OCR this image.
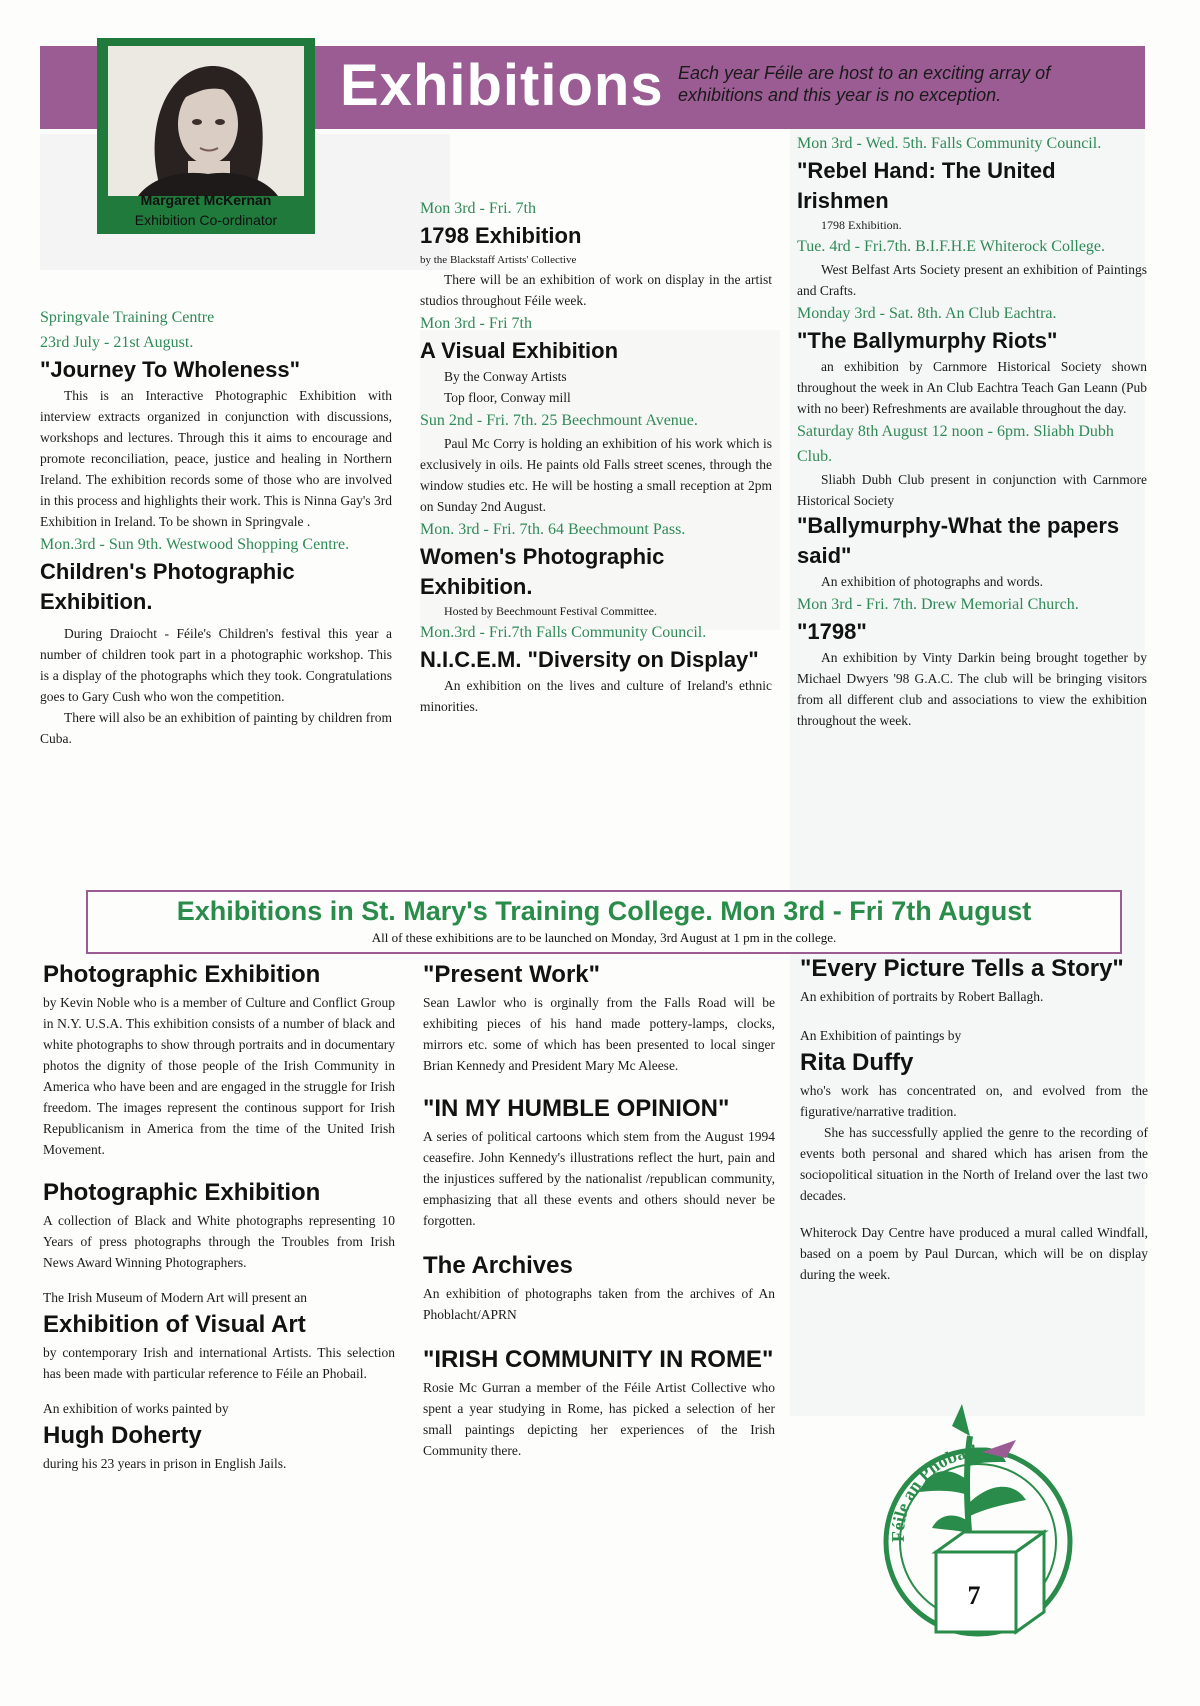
Exhibitions Each year Féile are host to an exciting array of exhibitions and this year is no exception.
Margaret McKernan
Exhibition Co-ordinator
Springvale Training Centre
23rd July - 21st August.
"Journey To Wholeness"

This is an Interactive Photographic Exhibition with interview extracts organized in conjunction with discussions, workshops and lectures. Through this it aims to encourage and promote reconciliation, peace, justice and healing in Northern Ireland. The exhibition records some of those who are involved in this process and highlights their work. This is Ninna Gay's 3rd Exhibition in Ireland. To be shown in Springvale .

Mon.3rd - Sun 9th. Westwood Shopping Centre.
Children's Photographic Exhibition.

During Draiocht - Féile's Children's festival this year a number of children took part in a photographic workshop. This is a display of the photographs which they took. Congratulations goes to Gary Cush who won the competition.

There will also be an exhibition of painting by children from Cuba.

Mon 3rd - Fri. 7th
1798 Exhibition
by the Blackstaff Artists' Collective

There will be an exhibition of work on display in the artist studios throughout Féile week.

Mon 3rd - Fri 7th
A Visual Exhibition

By the Conway Artists

Top floor, Conway mill

Sun 2nd - Fri. 7th. 25 Beechmount Avenue.

Paul Mc Corry is holding an exhibition of his work which is exclusively in oils. He paints old Falls street scenes, through the window studies etc. He will be hosting a small reception at 2pm on Sunday 2nd August.

Mon. 3rd - Fri. 7th. 64 Beechmount Pass.
Women's Photographic Exhibition.

Hosted by Beechmount Festival Committee.

Mon.3rd - Fri.7th Falls Community Council.
N.I.C.E.M. "Diversity on Display"

An exhibition on the lives and culture of Ireland's ethnic minorities.

Mon 3rd - Wed. 5th. Falls Community Council.
"Rebel Hand: The United Irishmen

1798 Exhibition.

Tue. 4rd - Fri.7th. B.I.F.H.E Whiterock College.

West Belfast Arts Society present an exhibition of Paintings and Crafts.

Monday 3rd - Sat. 8th. An Club Eachtra.
"The Ballymurphy Riots"

an exhibition by Carnmore Historical Society shown throughout the week in An Club Eachtra Teach Gan Leann (Pub with no beer) Refreshments are available throughout the day.

Saturday 8th August 12 noon - 6pm. Sliabh Dubh Club.

Sliabh Dubh Club present in conjunction with Carnmore Historical Society

"Ballymurphy-What the papers said"

An exhibition of photographs and words.

Mon 3rd - Fri. 7th. Drew Memorial Church.
"1798"

An exhibition by Vinty Darkin being brought together by Michael Dwyers '98 G.A.C. The club will be bringing visitors from all different club and associations to view the exhibition throughout the week.

Exhibitions in St. Mary's Training College. Mon 3rd - Fri 7th August
All of these exhibitions are to be launched on Monday, 3rd August at 1 pm in the college.
Photographic Exhibition

by Kevin Noble who is a member of Culture and Conflict Group in N.Y. U.S.A. This exhibition consists of a number of black and white photographs to show through portraits and in documentary photos the dignity of those people of the Irish Community in America who have been and are engaged in the struggle for Irish freedom. The images represent the continous support for Irish Republicanism in America from the time of the United Irish Movement.

Photographic Exhibition

A collection of Black and White photographs representing 10 Years of press photographs through the Troubles from Irish News Award Winning Photographers.

The Irish Museum of Modern Art will present an

Exhibition of Visual Art

by contemporary Irish and international Artists. This selection has been made with particular reference to Féile an Phobail.

An exhibition of works painted by

Hugh Doherty

during his 23 years in prison in English Jails.

"Present Work"

Sean Lawlor who is orginally from the Falls Road will be exhibiting pieces of his hand made pottery-lamps, clocks, mirrors etc. some of which has been presented to local singer Brian Kennedy and President Mary Mc Aleese.

"IN MY HUMBLE OPINION"

A series of political cartoons which stem from the August 1994 ceasefire. John Kennedy's illustrations reflect the hurt, pain and the injustices suffered by the nationalist /republican community, emphasizing that all these events and others should never be forgotten.

The Archives

An exhibition of photographs taken from the archives of An Phoblacht/APRN

"IRISH COMMUNITY IN ROME"

Rosie Mc Gurran a member of the Féile Artist Collective who spent a year studying in Rome, has picked a selection of her small paintings depicting her experiences of the Irish Community there.

"Every Picture Tells a Story"

An exhibition of portraits by Robert Ballagh.

An Exhibition of paintings by

Rita Duffy

who's work has concentrated on, and evolved from the figurative/narrative tradition.

She has successfully applied the genre to the recording of events both personal and shared which has arisen from the sociopolitical situation in the North of Ireland over the last two decades.

Whiterock Day Centre have produced a mural called Windfall, based on a poem by Paul Durcan, which will be on display during the week.

Féile an Phobail
7
